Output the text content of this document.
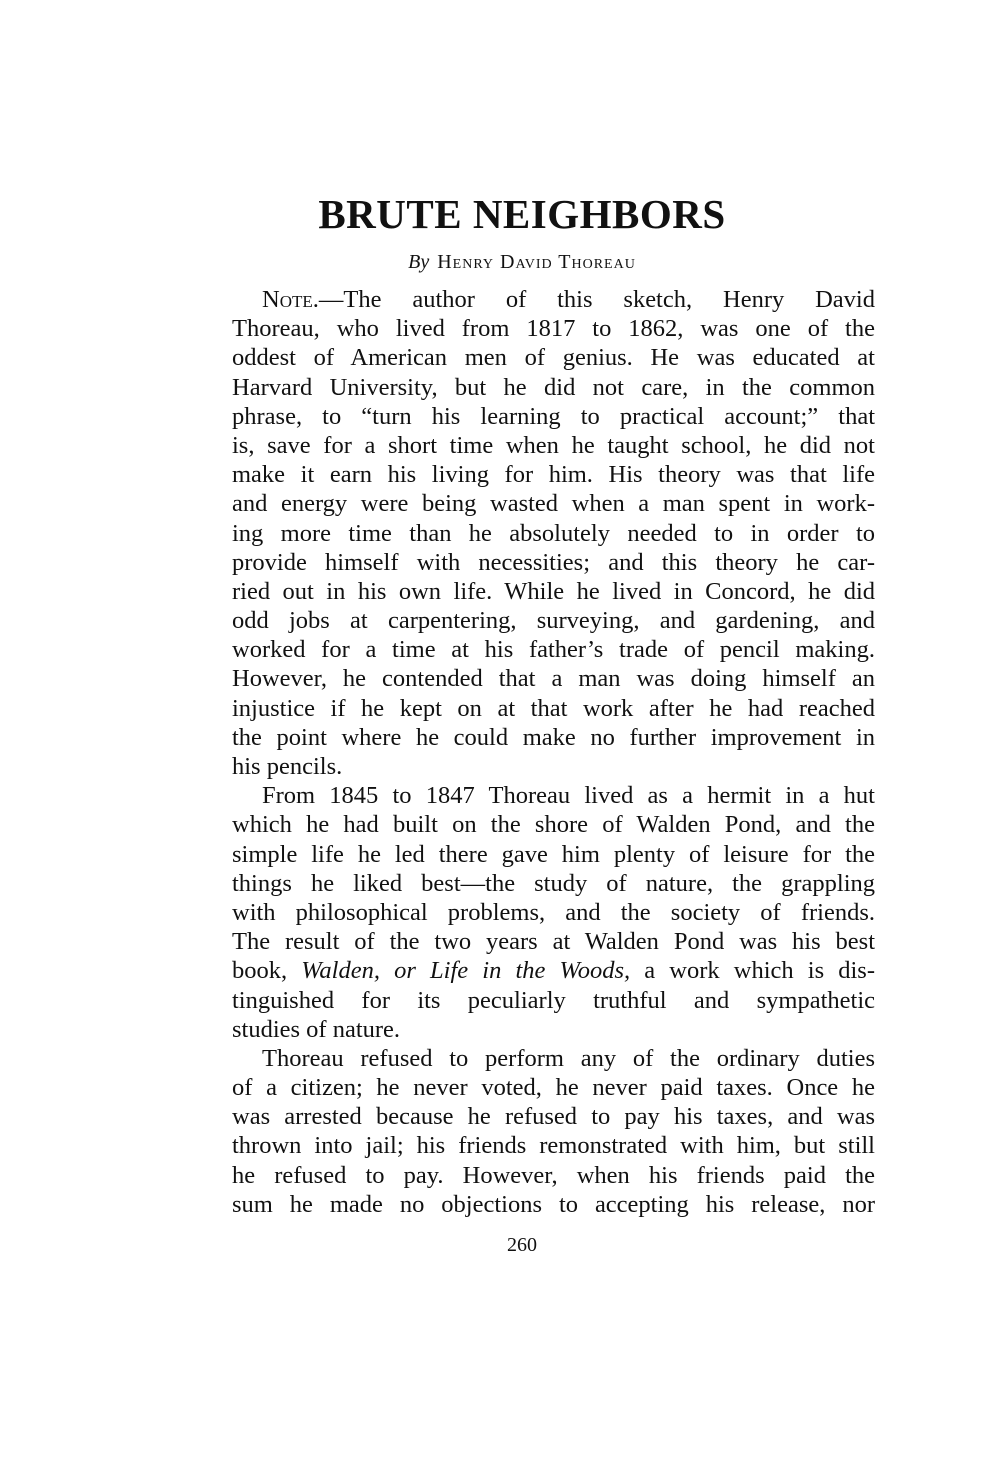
BRUTE NEIGHBORS
By Henry David Thoreau
Note.—The author of this sketch, Henry David
Thoreau, who lived from 1817 to 1862, was one of the
oddest of American men of genius. He was educated at
Harvard University, but he did not care, in the common
phrase, to “turn his learning to practical account;” that
is, save for a short time when he taught school, he did not
make it earn his living for him. His theory was that life
and energy were being wasted when a man spent in work-
ing more time than he absolutely needed to in order to
provide himself with necessities; and this theory he car-
ried out in his own life. While he lived in Concord, he did
odd jobs at carpentering, surveying, and gardening, and
worked for a time at his father’s trade of pencil making.
However, he contended that a man was doing himself an
injustice if he kept on at that work after he had reached
the point where he could make no further improvement in
his pencils.
From 1845 to 1847 Thoreau lived as a hermit in a hut
which he had built on the shore of Walden Pond, and the
simple life he led there gave him plenty of leisure for the
things he liked best—the study of nature, the grappling
with philosophical problems, and the society of friends.
The result of the two years at Walden Pond was his best
book, Walden, or Life in the Woods, a work which is dis-
tinguished for its peculiarly truthful and sympathetic
studies of nature.
Thoreau refused to perform any of the ordinary duties
of a citizen; he never voted, he never paid taxes. Once he
was arrested because he refused to pay his taxes, and was
thrown into jail; his friends remonstrated with him, but still
he refused to pay. However, when his friends paid the
sum he made no objections to accepting his release, nor
260
